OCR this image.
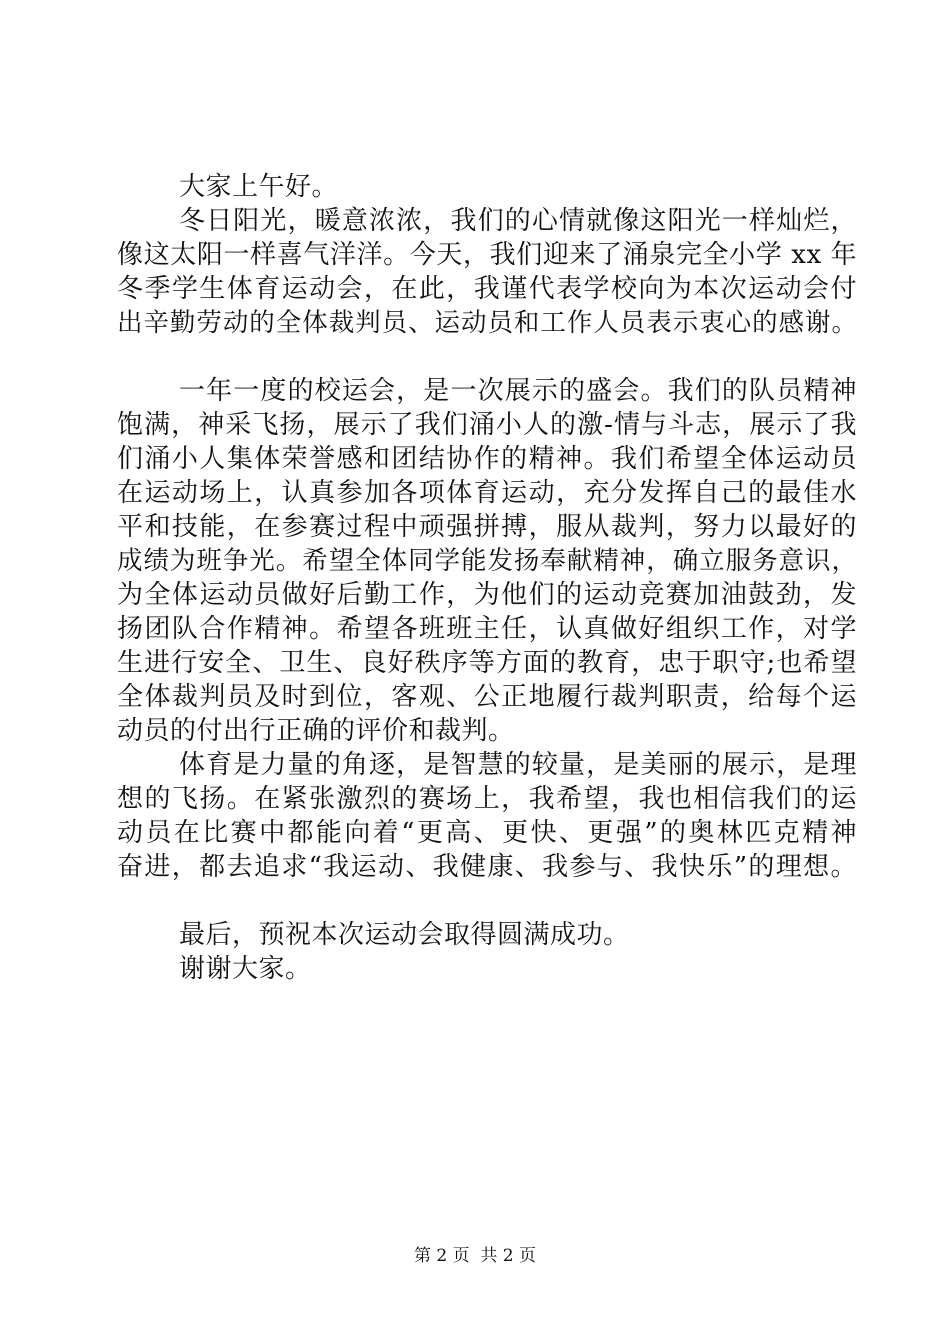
大家上午好。
冬日阳光，暖意浓浓，我们的心情就像这阳光一样灿烂，
像这太阳一样喜气洋洋。今天，我们迎来了涌泉完全小学 xx 年
冬季学生体育运动会，在此，我谨代表学校向为本次运动会付
出辛勤劳动的全体裁判员、运动员和工作人员表示衷心的感谢。
一年一度的校运会，是一次展示的盛会。我们的队员精神
饱满，神采飞扬，展示了我们涌小人的激-情与斗志，展示了我
们涌小人集体荣誉感和团结协作的精神。我们希望全体运动员
在运动场上，认真参加各项体育运动，充分发挥自己的最佳水
平和技能，在参赛过程中顽强拼搏，服从裁判，努力以最好的
成绩为班争光。希望全体同学能发扬奉献精神，确立服务意识，
为全体运动员做好后勤工作，为他们的运动竞赛加油鼓劲，发
扬团队合作精神。希望各班班主任，认真做好组织工作，对学
生进行安全、卫生、良好秩序等方面的教育，忠于职守;也希望
全体裁判员及时到位，客观、公正地履行裁判职责，给每个运
动员的付出行正确的评价和裁判。
体育是力量的角逐，是智慧的较量，是美丽的展示，是理
想的飞扬。在紧张激烈的赛场上，我希望，我也相信我们的运
动员在比赛中都能向着“更高、更快、更强”的奥林匹克精神
奋进，都去追求“我运动、我健康、我参与、我快乐”的理想。
最后，预祝本次运动会取得圆满成功。
谢谢大家。
第 2 页  共 2 页
